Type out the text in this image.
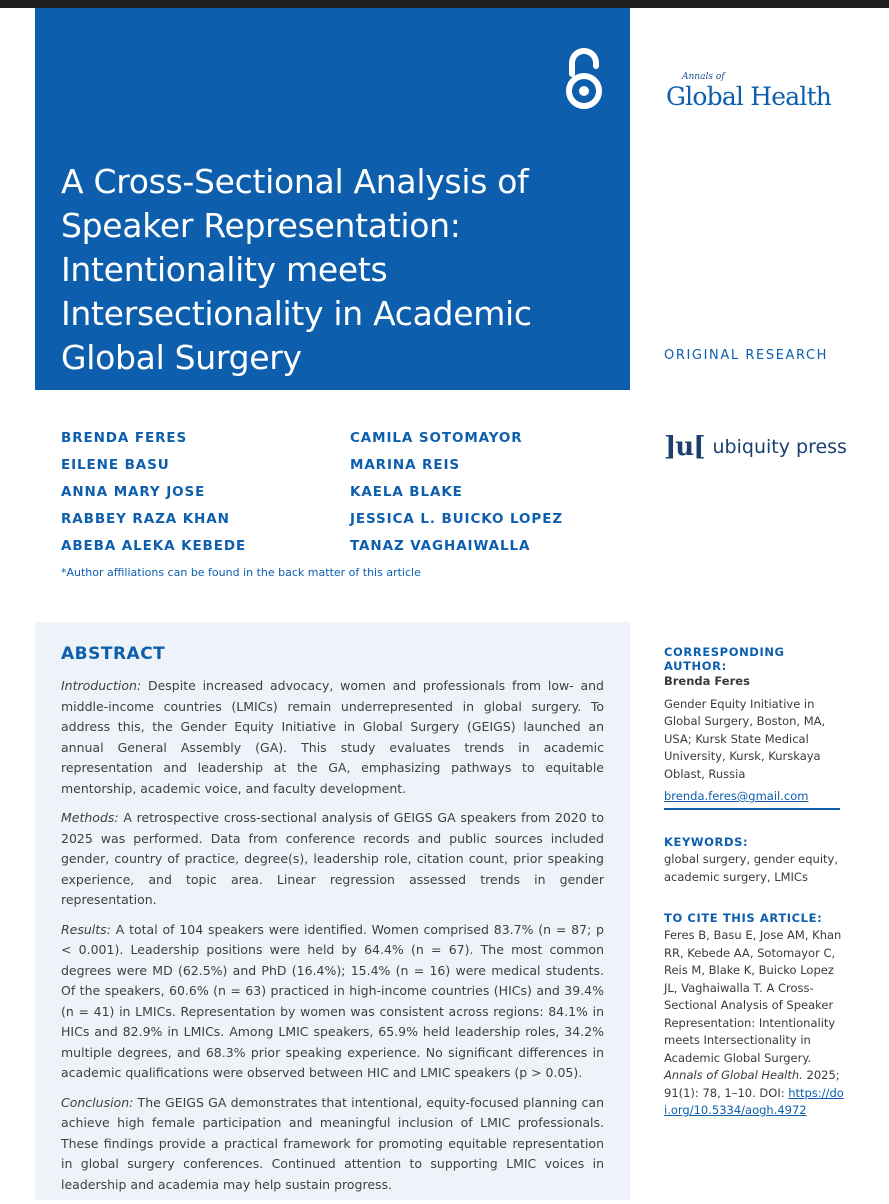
A Cross-Sectional Analysis of Speaker Representation: Intentionality meets Intersectionality in Academic Global Surgery
Annals of
Global Health
ORIGINAL RESEARCH
]u[ ubiquity press
BRENDA FERES
EILENE BASU
ANNA MARY JOSE
RABBEY RAZA KHAN
ABEBA ALEKA KEBEDE
CAMILA SOTOMAYOR
MARINA REIS
KAELA BLAKE
JESSICA L. BUICKO LOPEZ
TANAZ VAGHAIWALLA
*Author affiliations can be found in the back matter of this article
ABSTRACT

Introduction: Despite increased advocacy, women and professionals from low- and middle-income countries (LMICs) remain underrepresented in global surgery. To address this, the Gender Equity Initiative in Global Surgery (GEIGS) launched an annual General Assembly (GA). This study evaluates trends in academic representation and leadership at the GA, emphasizing pathways to equitable mentorship, academic voice, and faculty development.

Methods: A retrospective cross-sectional analysis of GEIGS GA speakers from 2020 to 2025 was performed. Data from conference records and public sources included gender, country of practice, degree(s), leadership role, citation count, prior speaking experience, and topic area. Linear regression assessed trends in gender representation.

Results: A total of 104 speakers were identified. Women comprised 83.7% (n = 87; p < 0.001). Leadership positions were held by 64.4% (n = 67). The most common degrees were MD (62.5%) and PhD (16.4%); 15.4% (n = 16) were medical students. Of the speakers, 60.6% (n = 63) practiced in high-income countries (HICs) and 39.4% (n = 41) in LMICs. Representation by women was consistent across regions: 84.1% in HICs and 82.9% in LMICs. Among LMIC speakers, 65.9% held leadership roles, 34.2% multiple degrees, and 68.3% prior speaking experience. No significant differences in academic qualifications were observed between HIC and LMIC speakers (p > 0.05).

Conclusion: The GEIGS GA demonstrates that intentional, equity-focused planning can achieve high female participation and meaningful inclusion of LMIC professionals. These findings provide a practical framework for promoting equitable representation in global surgery conferences. Continued attention to supporting LMIC voices in leadership and academia may help sustain progress.

CORRESPONDING AUTHOR:
Brenda Feres
Gender Equity Initiative in Global Surgery, Boston, MA, USA; Kursk State Medical University, Kursk, Kurskaya Oblast, Russia
brenda.feres@gmail.com
KEYWORDS:
global surgery, gender equity, academic surgery, LMICs
TO CITE THIS ARTICLE:
Feres B, Basu E, Jose AM, Khan RR, Kebede AA, Sotomayor C, Reis M, Blake K, Buicko Lopez JL, Vaghaiwalla T. A Cross-Sectional Analysis of Speaker Representation: Intentionality meets Intersectionality in Academic Global Surgery. Annals of Global Health. 2025; 91(1): 78, 1–10. DOI: https://doi.org/10.5334/aogh.4972
